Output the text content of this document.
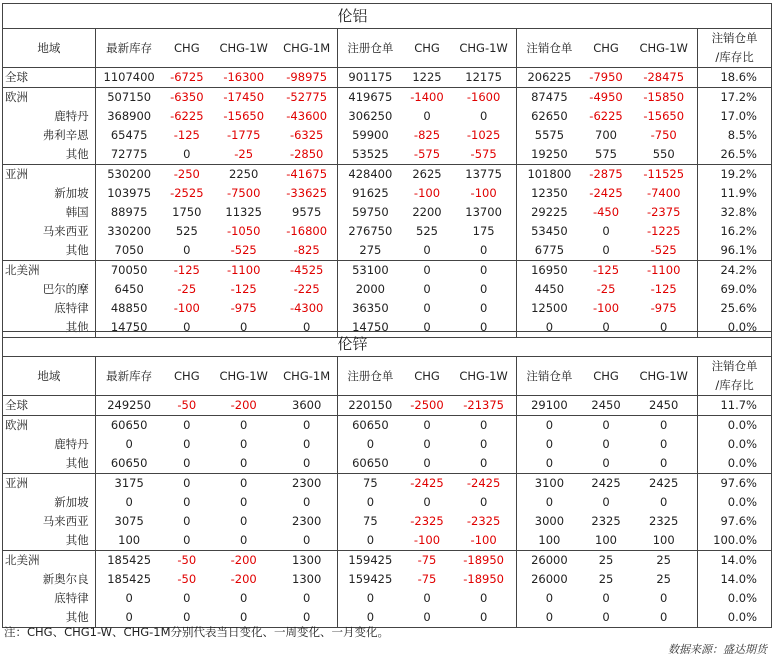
					伦铝						
地域	最新库存	CHG	CHG-1W	CHG-1M	注册仓单	CHG	CHG-1W	注销仓单	CHG	CHG-1W	注销仓单
/库存比
全球	1107400	-6725	-16300	-98975	901175	1225	12175	206225	-7950	-28475	18.6%
欧洲	507150	-6350	-17450	-52775	419675	-1400	-1600	87475	-4950	-15850	17.2%
鹿特丹	368900	-6225	-15650	-43600	306250	0	0	62650	-6225	-15650	17.0%
弗利辛恩	65475	-125	-1775	-6325	59900	-825	-1025	5575	700	-750	8.5%
其他	72775	0	-25	-2850	53525	-575	-575	19250	575	550	26.5%
亚洲	530200	-250	2250	-41675	428400	2625	13775	101800	-2875	-11525	19.2%
新加坡	103975	-2525	-7500	-33625	91625	-100	-100	12350	-2425	-7400	11.9%
韩国	88975	1750	11325	9575	59750	2200	13700	29225	-450	-2375	32.8%
马来西亚	330200	525	-1050	-16800	276750	525	175	53450	0	-1225	16.2%
其他	7050	0	-525	-825	275	0	0	6775	0	-525	96.1%
北美洲	70050	-125	-1100	-4525	53100	0	0	16950	-125	-1100	24.2%
巴尔的摩	6450	-25	-125	-225	2000	0	0	4450	-25	-125	69.0%
底特律	48850	-100	-975	-4300	36350	0	0	12500	-100	-975	25.6%
其他	14750	0	0	0	14750	0	0	0	0	0	0.0%
					伦锌						
地域	最新库存	CHG	CHG-1W	CHG-1M	注册仓单	CHG	CHG-1W	注销仓单	CHG	CHG-1W	注销仓单
/库存比
全球	249250	-50	-200	3600	220150	-2500	-21375	29100	2450	2450	11.7%
欧洲	60650	0	0	0	60650	0	0	0	0	0	0.0%
鹿特丹	0	0	0	0	0	0	0	0	0	0	0.0%
其他	60650	0	0	0	60650	0	0	0	0	0	0.0%
亚洲	3175	0	0	2300	75	-2425	-2425	3100	2425	2425	97.6%
新加坡	0	0	0	0	0	0	0	0	0	0	0.0%
马来西亚	3075	0	0	2300	75	-2325	-2325	3000	2325	2325	97.6%
其他	100	0	0	0	0	-100	-100	100	100	100	100.0%
北美洲	185425	-50	-200	1300	159425	-75	-18950	26000	25	25	14.0%
新奥尔良	185425	-50	-200	1300	159425	-75	-18950	26000	25	25	14.0%
底特律	0	0	0	0	0	0	0	0	0	0	0.0%
其他	0	0	0	0	0	0	0	0	0	0	0.0%
注：CHG、CHG1-W、CHG-1M分别代表当日变化、一周变化、一月变化。
数据来源：盛达期货
